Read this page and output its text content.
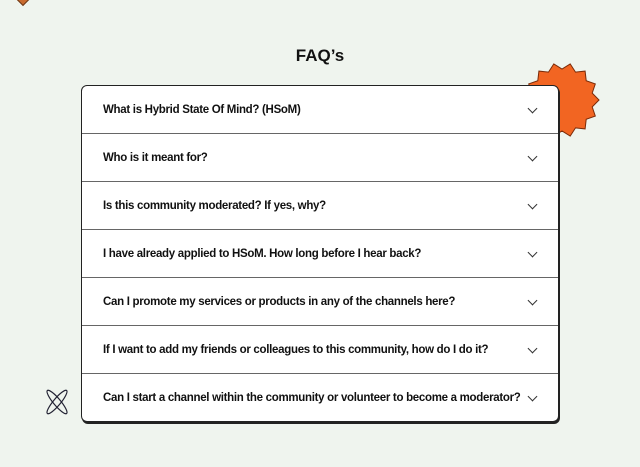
FAQ’s
What is Hybrid State Of Mind? (HSoM)
Who is it meant for?
Is this community moderated? If yes, why?
I have already applied to HSoM. How long before I hear back?
Can I promote my services or products in any of the channels here?
If I want to add my friends or colleagues to this community, how do I do it?
Can I start a channel within the community or volunteer to become a moderator?
